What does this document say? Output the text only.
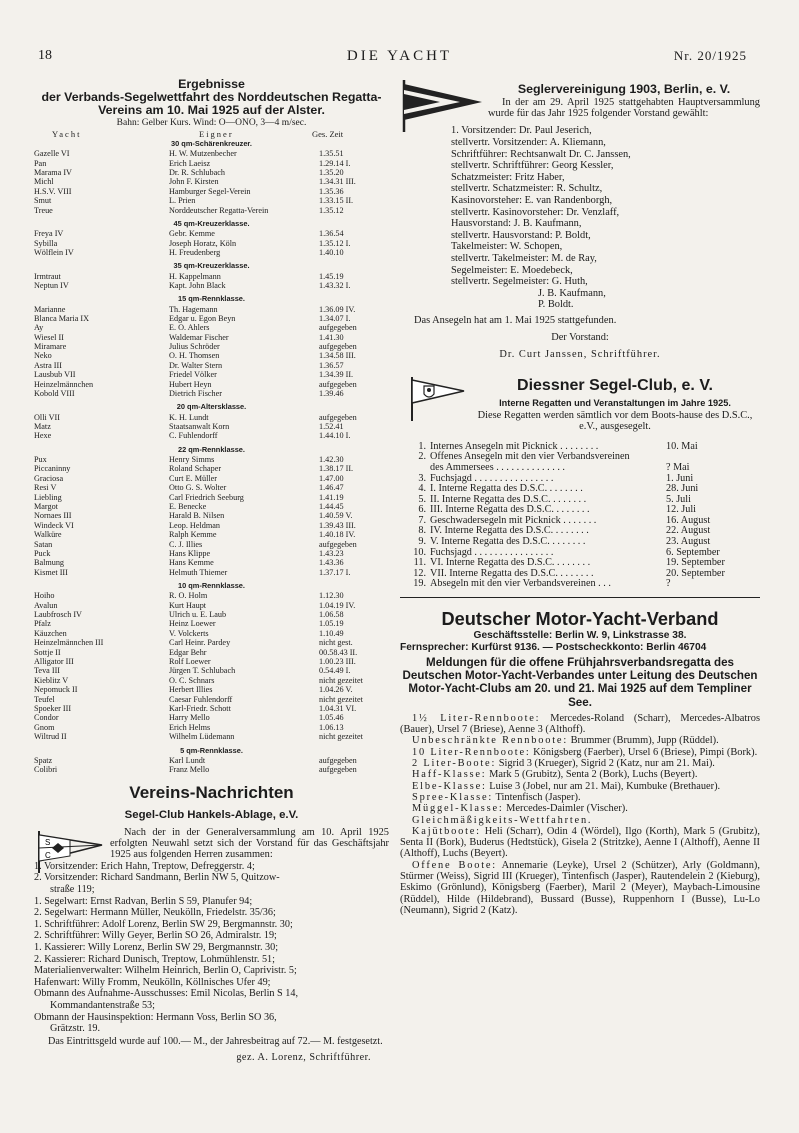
18	DIE YACHT	Nr. 20/1925
Ergebnisse
der Verbands-Segelwettfahrt des Norddeutschen Regatta-
Vereins am 10. Mai 1925 auf der Alster.
Bahn: Gelber Kurs. Wind: O—ONO, 3—4 m/sec.
Yacht	Eigner	Ges. Zeit
30 qm-Schärenkreuzer.
Gazelle VI	H. W. Mutzenbecher	1.35.51
Pan	Erich Laeisz	1.29.14 I.
Marama IV	Dr. R. Schlubach	1.35.20
Michl	John F. Kirsten	1.34.31 III.
H.S.V. VIII	Hamburger Segel-Verein	1.35.36
Smut	L. Prien	1.33.15 II.
Treue	Norddeutscher Regatta-Verein	1.35.12
45 qm-Kreuzerklasse.
Freya IV	Gebr. Kemme	1.36.54
Sybilla	Joseph Horatz, Köln	1.35.12 I.
Wölflein IV	H. Freudenberg	1.40.10
35 qm-Kreuzerklasse.
Irmtraut	H. Kappelmann	1.45.19
Neptun IV	Kapt. John Black	1.43.32 I.
15 qm-Rennklasse.
Marianne	Th. Hagemann	1.36.09 IV.
Blanca Maria IX	Edgar u. Egon Beyn	1.34.07 I.
Ay	E. O. Ahlers	aufgegeben
Wiesel II	Waldemar Fischer	1.41.30
Miramare	Julius Schröder	aufgegeben
Neko	O. H. Thomsen	1.34.58 III.
Astra III	Dr. Walter Stern	1.36.57
Lausbub VII	Friedel Völker	1.34.39 II.
Heinzelmännchen	Hubert Heyn	aufgegeben
Kobold VIII	Dietrich Fischer	1.39.46
20 qm-Altersklasse.
Olli VII	K. H. Lundt	aufgegeben
Matz	Staatsanwalt Korn	1.52.41
Hexe	C. Fuhlendorff	1.44.10 I.
22 qm-Rennklasse.
Pux	Henry Simms	1.42.30
Piccaninny	Roland Schaper	1.38.17 II.
Graciosa	Curt E. Müller	1.47.00
Resi V	Otto G. S. Wolter	1.46.47
Liebling	Carl Friedrich Seeburg	1.41.19
Margot	E. Benecke	1.44.45
Nornaes III	Harald B. Nilsen	1.40.59 V.
Windeck VI	Leop. Heldman	1.39.43 III.
Walküre	Ralph Kemme	1.40.18 IV.
Satan	C. J. Illies	aufgegeben
Puck	Hans Klippe	1.43.23
Balmung	Hans Kemme	1.43.36
Kismet III	Helmuth Thiemer	1.37.17 I.
10 qm-Rennklasse.
Hoiho	R. O. Holm	1.12.30
Avalun	Kurt Haupt	1.04.19 IV.
Laubfrosch IV	Ulrich u. E. Laub	1.06.58
Pfalz	Heinz Loewer	1.05.19
Käuzchen	V. Volckerts	1.10.49
Heinzelmännchen III	Carl Heinr. Pardey	nicht gest.
Sottje II	Edgar Behr	00.58.43 II.
Alligator III	Rolf Loewer	1.00.23 III.
Teva III	Jürgen T. Schlubach	0.54.49 I.
Kieblitz V	O. C. Schnars	nicht gezeitet
Nepomuck II	Herbert Illies	1.04.26 V.
Teufel	Caesar Fuhlendorff	nicht gezeitet
Spoeker III	Karl-Friedr. Schott	1.04.31 VI.
Condor	Harry Mello	1.05.46
Gnom	Erich Helms	1.06.13
Wiltrud II	Wilhelm Lüdemann	nicht gezeitet
5 qm-Rennklasse.
Spatz	Karl Lundt	aufgegeben
Colibri	Franz Mello	aufgegeben
Vereins-Nachrichten
Segel-Club Hankels-Ablage, e.V.
S
C
Nach der in der Generalversammlung am 10. April 1925 erfolgten Neuwahl setzt sich der Vorstand für das Geschäftsjahr 1925 aus folgenden Herren zusammen:
1. Vorsitzender: Erich Hahn, Treptow, Defreggerstr. 4;
2. Vorsitzender: Richard Sandmann, Berlin NW 5, Quitzow-
straße 119;
1. Segelwart: Ernst Radvan, Berlin S 59, Planufer 94;
2. Segelwart: Hermann Müller, Neukölln, Friedelstr. 35/36;
1. Schriftführer: Adolf Lorenz, Berlin SW 29, Bergmannstr. 30;
2. Schriftführer: Willy Geyer, Berlin SO 26, Admiralstr. 19;
1. Kassierer: Willy Lorenz, Berlin SW 29, Bergmannstr. 30;
2. Kassierer: Richard Dunisch, Treptow, Lohmühlenstr. 51;
Materialienverwalter: Wilhelm Heinrich, Berlin O, Caprivistr. 5;
Hafenwart: Willy Fromm, Neukölln, Köllnisches Ufer 49;
Obmann des Aufnahme-Ausschusses: Emil Nicolas, Berlin S 14,
Kommandantenstraße 53;
Obmann der Hausinspektion: Hermann Voss, Berlin SO 36,
Grätzstr. 19.
Das Eintrittsgeld wurde auf 100.— M., der Jahresbeitrag auf 72.— M. festgesetzt.
gez. A. Lorenz, Schriftführer.
Seglervereinigung 1903, Berlin, e. V.
In der am 29. April 1925 stattgehabten Hauptversammlung wurde für das Jahr 1925 folgender Vorstand gewählt:
1. Vorsitzender: Dr. Paul Jeserich,
stellvertr. Vorsitzender: A. Kliemann,
Schriftführer: Rechtsanwalt Dr. C. Janssen,
stellvertr. Schriftführer: Georg Kessler,
Schatzmeister: Fritz Haber,
stellvertr. Schatzmeister: R. Schultz,
Kasinovorsteher: E. van Randenborgh,
stellvertr. Kasinovorsteher: Dr. Venzlaff,
Hausvorstand: J. B. Kaufmann,
stellvertr. Hausvorstand: P. Boldt,
Takelmeister: W. Schopen,
stellvertr. Takelmeister: M. de Ray,
Segelmeister: E. Moedebeck,
stellvertr. Segelmeister: G. Huth,
J. B. Kaufmann,
P. Boldt.
Das Ansegeln hat am 1. Mai 1925 stattgefunden.
Der Vorstand:
Dr. Curt Janssen, Schriftführer.
Diessner Segel-Club, e. V.
Interne Regatten und Veranstaltungen im Jahre 1925.
Diese Regatten werden sämtlich vor dem Boots-hause des D.S.C., e.V., ausgesegelt.
1. Internes Ansegeln mit Picknick . . . . . . . .	10. Mai
2. Offenes Ansegeln mit den vier Verbandsvereinen
des Ammersees . . . . . . . . . . . . . .	? Mai
3. Fuchsjagd . . . . . . . . . . . . . . . .	1. Juni
4. I. Interne Regatta des D.S.C. . . . . . . .	28. Juni
5. II. Interne Regatta des D.S.C. . . . . . . .	5. Juli
6. III. Interne Regatta des D.S.C. . . . . . . .	12. Juli
7. Geschwadersegeln mit Picknick . . . . . . .	16. August
8. IV. Interne Regatta des D.S.C. . . . . . . .	22. August
9. V. Interne Regatta des D.S.C. . . . . . . .	23. August
10. Fuchsjagd . . . . . . . . . . . . . . . .	6. September
11. VI. Interne Regatta des D.S.C. . . . . . . .	19. September
12. VII. Interne Regatta des D.S.C. . . . . . . .	20. September
19. Absegeln mit den vier Verbandsvereinen . . .	?
Deutscher Motor-Yacht-Verband
Geschäftsstelle: Berlin W. 9, Linkstrasse 38.
Fernsprecher: Kurfürst 9136. — Postscheckkonto: Berlin 46704
Meldungen für die offene Frühjahrsverbandsregatta des Deutschen Motor-Yacht-Verbandes unter Leitung des Deutschen Motor-Yacht-Clubs am 20. und 21. Mai 1925 auf dem Templiner See.

1½ Liter-Rennboote: Mercedes-Roland (Scharr), Mercedes-Albatros (Bauer), Ursel 7 (Briese), Aenne 3 (Althoff).

Unbeschränkte Rennboote: Brummer (Brumm), Jupp (Rüddel).

10 Liter-Rennboote: Königsberg (Faerber), Ursel 6 (Briese), Pimpi (Bork).

2 Liter-Boote: Sigrid 3 (Krueger), Sigrid 2 (Katz, nur am 21. Mai).

Haff-Klasse: Mark 5 (Grubitz), Senta 2 (Bork), Luchs (Beyert).

Elbe-Klasse: Luise 3 (Jobel, nur am 21. Mai), Kumbuke (Brethauer).

Spree-Klasse: Tintenfisch (Jasper).

Müggel-Klasse: Mercedes-Daimler (Vischer).

Gleichmäßigkeits-Wettfahrten.

Kajütboote: Heli (Scharr), Odin 4 (Wördel), Ilgo (Korth), Mark 5 (Grubitz), Senta II (Bork), Buderus (Hedtstück), Gisela 2 (Stritzke), Aenne I (Althoff), Aenne II (Althoff), Luchs (Beyert).

Offene Boote: Annemarie (Leyke), Ursel 2 (Schützer), Arly (Goldmann), Stürmer (Weiss), Sigrid III (Krueger), Tintenfisch (Jasper), Rautendelein 2 (Kieburg), Eskimo (Grönlund), Königsberg (Faerber), Maril 2 (Meyer), Maybach-Limousine (Rüddel), Hilde (Hildebrand), Bussard (Busse), Ruppenhorn I (Busse), Lu-Lo (Neumann), Sigrid 2 (Katz).
